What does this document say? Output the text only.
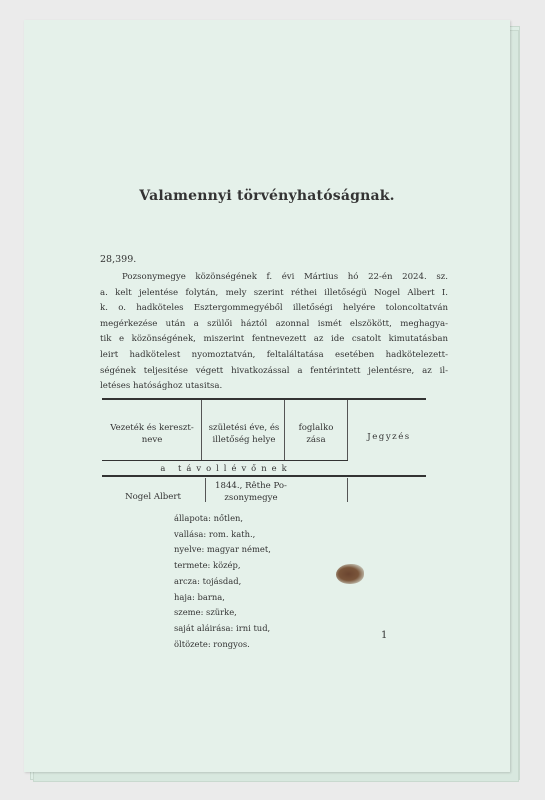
Valamennyi törvényhatóságnak.
28,399.
Pozsonymegye közönségének f. évi Mártius hó 22-én 2024. sz.
a. kelt jelentése folytán, mely szerint réthei illetőségü Nogel Albert I.
k. o. hadköteles Esztergommegyéből illetőségi helyére toloncoltatván
megérkezése után a szülői háztól azonnal ismét elszökött, meghagya-
tik e közönségének, miszerint fentnevezett az ide csatolt kimutatásban
leirt hadkötelest nyomoztatván, feltaláltatása esetében hadkötelezett-
ségének teljesitése végett hivatkozással a fentérintett jelentésre, az il-
letéses hatósághoz utasitsa.
Vezeték és kereszt-
neve
születési éve, és
illetőség helye
foglalko
zása	Jegyzés
a távollévőnek
Nogel Albert
1844., Rêthe Po-
zsonymegye
állapota: nőtlen,
vallása: rom. kath.,
nyelve: magyar német,
termete: közép,
arcza: tojásdad,
haja: barna,
szeme: szürke,
saját aláirása: irni tud,
öltözete: rongyos.
1
